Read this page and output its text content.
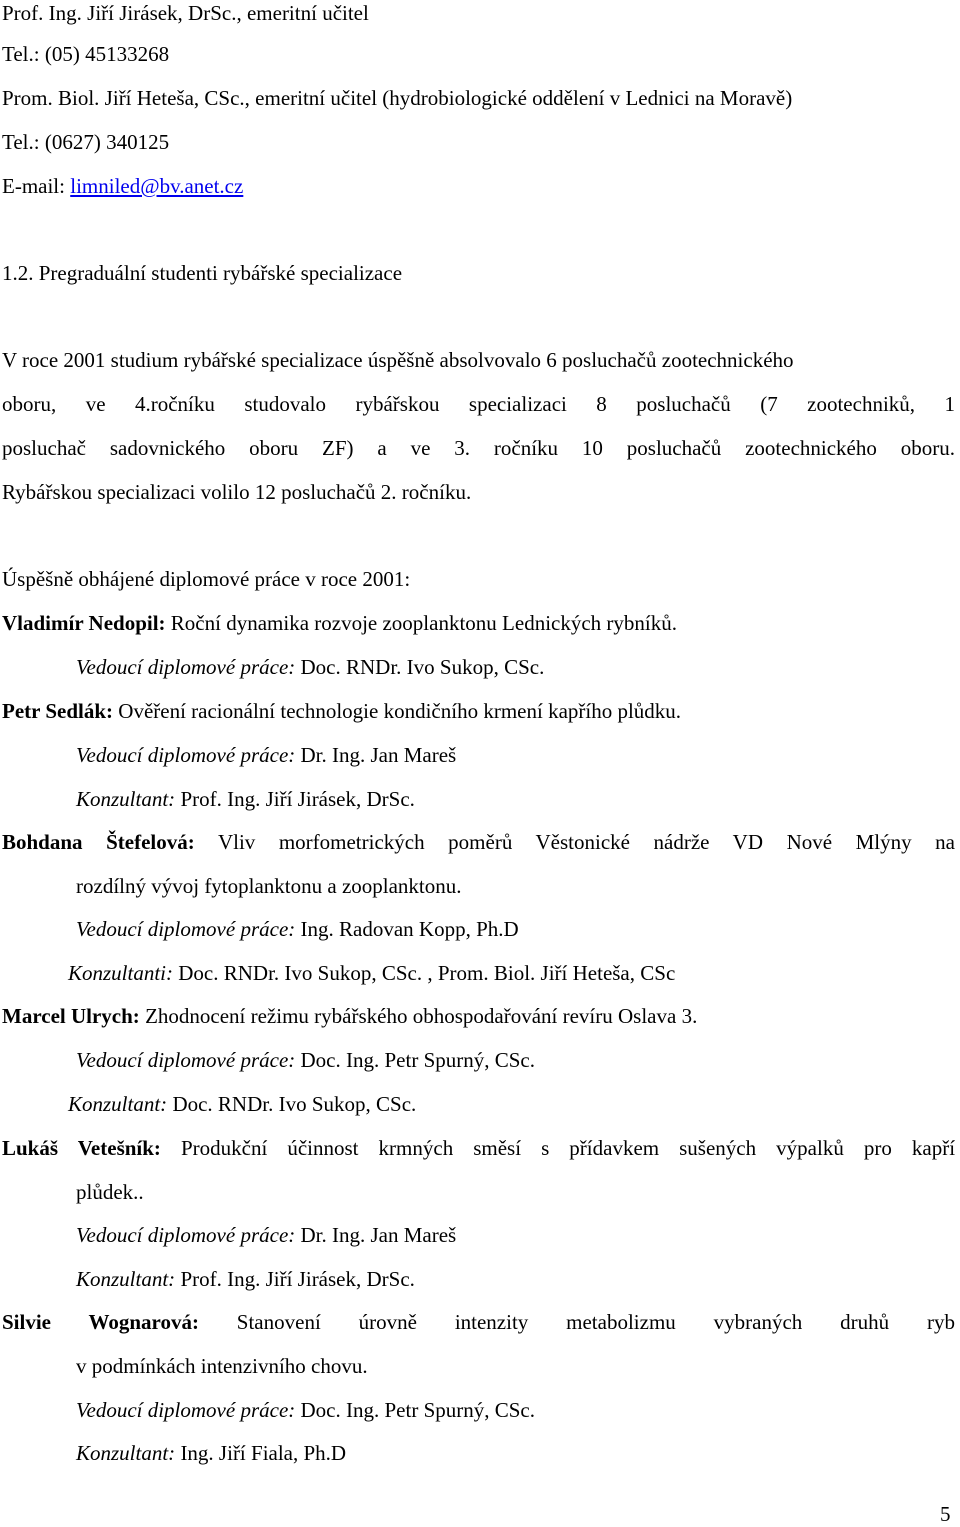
Prof. Ing. Jiří Jirásek, DrSc., emeritní učitel
Tel.: (05) 45133268
Prom. Biol. Jiří Heteša, CSc., emeritní učitel (hydrobiologické oddělení v Lednici na Moravě)
Tel.: (0627) 340125
E-mail: limniled@bv.anet.cz
1.2. Pregraduální studenti rybářské specializace
V roce 2001 studium rybářské specializace úspěšně absolvovalo 6 posluchačů zootechnického
oboru, ve 4.ročníku studovalo rybářskou specializaci 8 posluchačů (7 zootechniků, 1
posluchač sadovnického oboru ZF) a ve 3. ročníku 10 posluchačů zootechnického oboru.
Rybářskou specializaci volilo 12 posluchačů 2. ročníku.
Úspěšně obhájené diplomové práce v roce 2001:
Vladimír Nedopil: Roční dynamika rozvoje zooplanktonu Lednických rybníků.
Vedoucí diplomové práce: Doc. RNDr. Ivo Sukop, CSc.
Petr Sedlák: Ověření racionální technologie kondičního krmení kapřího plůdku.
Vedoucí diplomové práce: Dr. Ing. Jan Mareš
Konzultant: Prof. Ing. Jiří Jirásek, DrSc.
Bohdana Štefelová: Vliv morfometrických poměrů Věstonické nádrže VD Nové Mlýny na
rozdílný vývoj fytoplanktonu a zooplanktonu.
Vedoucí diplomové práce: Ing. Radovan Kopp, Ph.D
Konzultanti: Doc. RNDr. Ivo Sukop, CSc. , Prom. Biol. Jiří Heteša, CSc
Marcel Ulrych: Zhodnocení režimu rybářského obhospodařování revíru Oslava 3.
Vedoucí diplomové práce: Doc. Ing. Petr Spurný, CSc.
Konzultant: Doc. RNDr. Ivo Sukop, CSc.
Lukáš Vetešník: Produkční účinnost krmných směsí s přídavkem sušených výpalků pro kapří
plůdek..
Vedoucí diplomové práce: Dr. Ing. Jan Mareš
Konzultant: Prof. Ing. Jiří Jirásek, DrSc.
Silvie Wognarová: Stanovení úrovně intenzity metabolizmu vybraných druhů ryb
v podmínkách intenzivního chovu.
Vedoucí diplomové práce: Doc. Ing. Petr Spurný, CSc.
Konzultant: Ing. Jiří Fiala, Ph.D
5
